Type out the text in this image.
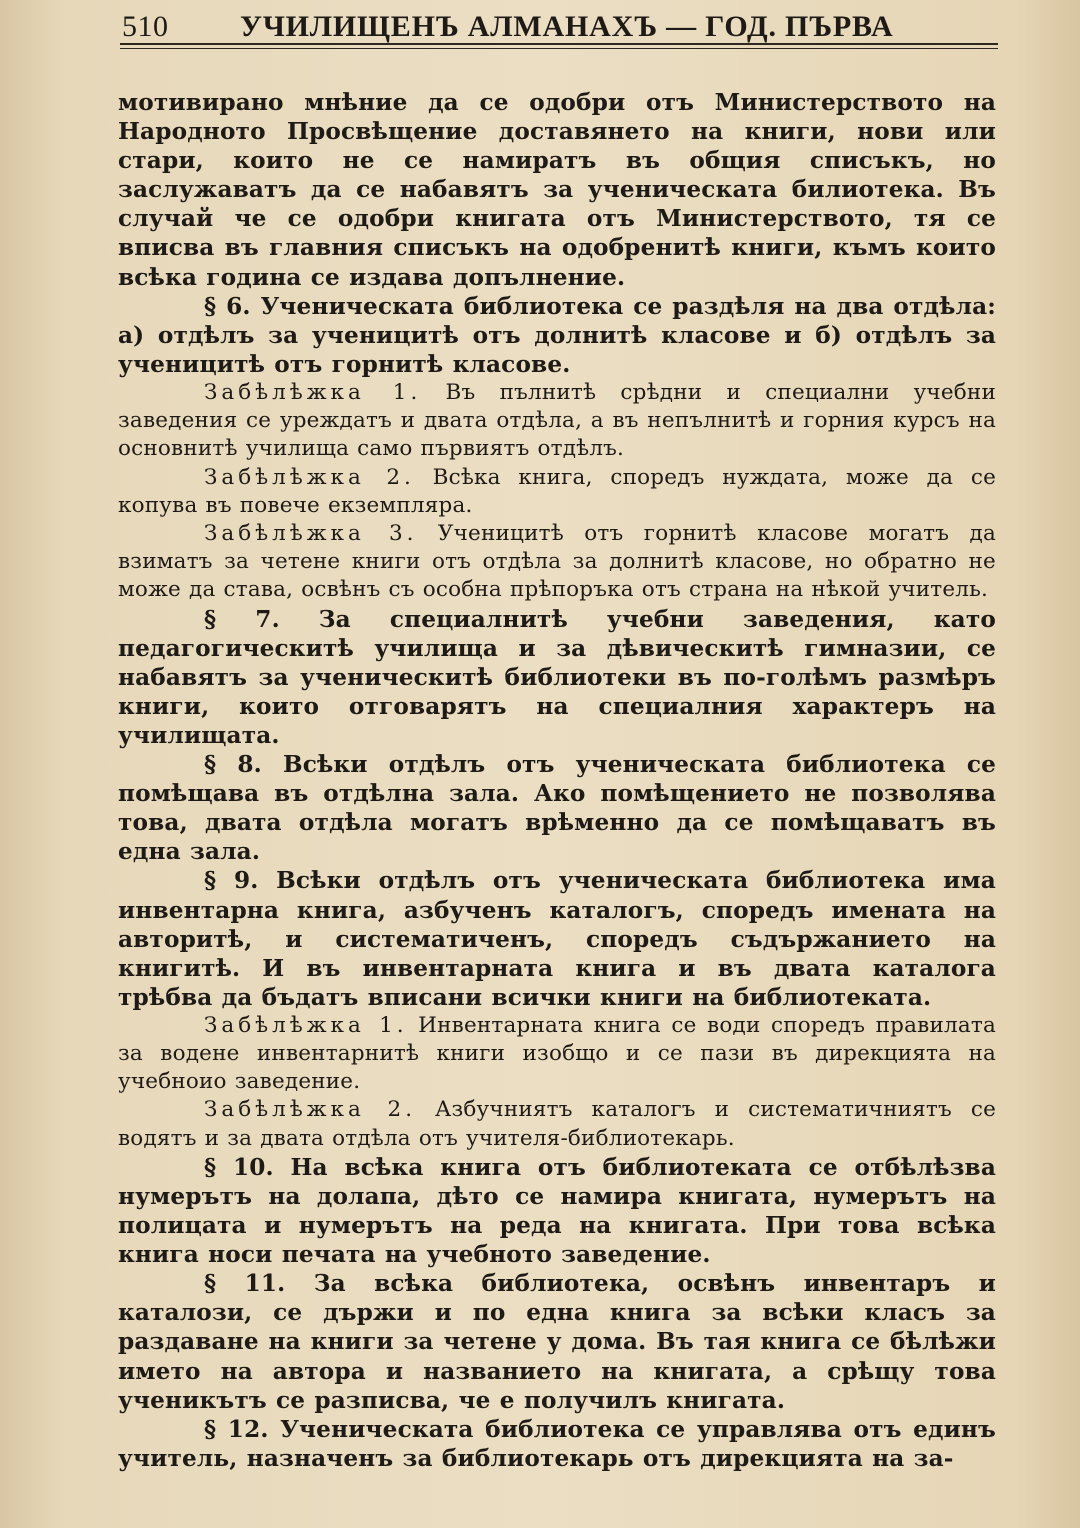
510	УЧИЛИЩЕНЪ АЛМАНАХЪ — ГОД. ПЪРВА

мотивирано мнѣние да се одобри отъ Министерството на Народното Просвѣщение доставянето на книги, нови или стари, които не се намиратъ въ общия списъкъ, но заслужаватъ да се набавятъ за ученическата билиотека. Въ случай че се одобри книгата отъ Министерството, тя се вписва въ главния списъкъ на одобренитѣ книги, къмъ които всѣка година се издава допълнение.

§ 6. Ученическата библиотека се раздѣля на два отдѣла: а) отдѣлъ за ученицитѣ отъ долнитѣ класове и б) отдѣлъ за ученицитѣ отъ горнитѣ класове.

Забѣлѣжка 1. Въ пълнитѣ срѣдни и специални учебни заведения се уреждатъ и двата отдѣла, а въ непълнитѣ и горния курсъ на основнитѣ училища само първиятъ отдѣлъ.

Забѣлѣжка 2. Всѣка книга, споредъ нуждата, може да се копува въ повече екземпляра.

Забѣлѣжка 3. Ученицитѣ отъ горнитѣ класове могатъ да взиматъ за четене книги отъ отдѣла за долнитѣ класове, но обратно не може да става, освѣнъ съ особна прѣпоръка отъ страна на нѣкой учитель.

§ 7. За специалнитѣ учебни заведения, като педагогическитѣ училища и за дѣвическитѣ гимназии, се набавятъ за ученическитѣ библиотеки въ по-голѣмъ размѣръ книги, които отговарятъ на специалния характеръ на училищата.

§ 8. Всѣки отдѣлъ отъ ученическата библиотека се помѣщава въ отдѣлна зала. Ако помѣщението не позволява това, двата отдѣла могатъ врѣменно да се помѣщаватъ въ една зала.

§ 9. Всѣки отдѣлъ отъ ученическата библиотека има инвентарна книга, азбученъ каталогъ, споредъ имената на авторитѣ, и систематиченъ, споредъ съдържанието на книгитѣ. И въ инвентарната книга и въ двата каталога трѣбва да бъдатъ вписани всички книги на библиотеката.

Забѣлѣжка 1. Инвентарната книга се води споредъ правилата за водене инвентарнитѣ книги изобщо и се пази въ дирекцията на учебноио заведение.

Забѣлѣжка 2. Азбучниятъ каталогъ и систематичниятъ се водятъ и за двата отдѣла отъ учителя-библиотекарь.

§ 10. На всѣка книга отъ библиотеката се отбѣлѣзва нумерътъ на долапа, дѣто се намира книгата, нумерътъ на полицата и нумерътъ на реда на книгата. При това всѣка книга носи печата на учебното заведение.

§ 11. За всѣка библиотека, освѣнъ инвентаръ и каталози, се държи и по една книга за всѣки класъ за раздаване на книги за четене у дома. Въ тая книга се бѣлѣжи името на автора и названието на книгата, а срѣщу това ученикътъ се разписва, че е получилъ книгата.

§ 12. Ученическата библиотека се управлява отъ единъ учитель, назначенъ за библиотекарь отъ дирекцията на за-
